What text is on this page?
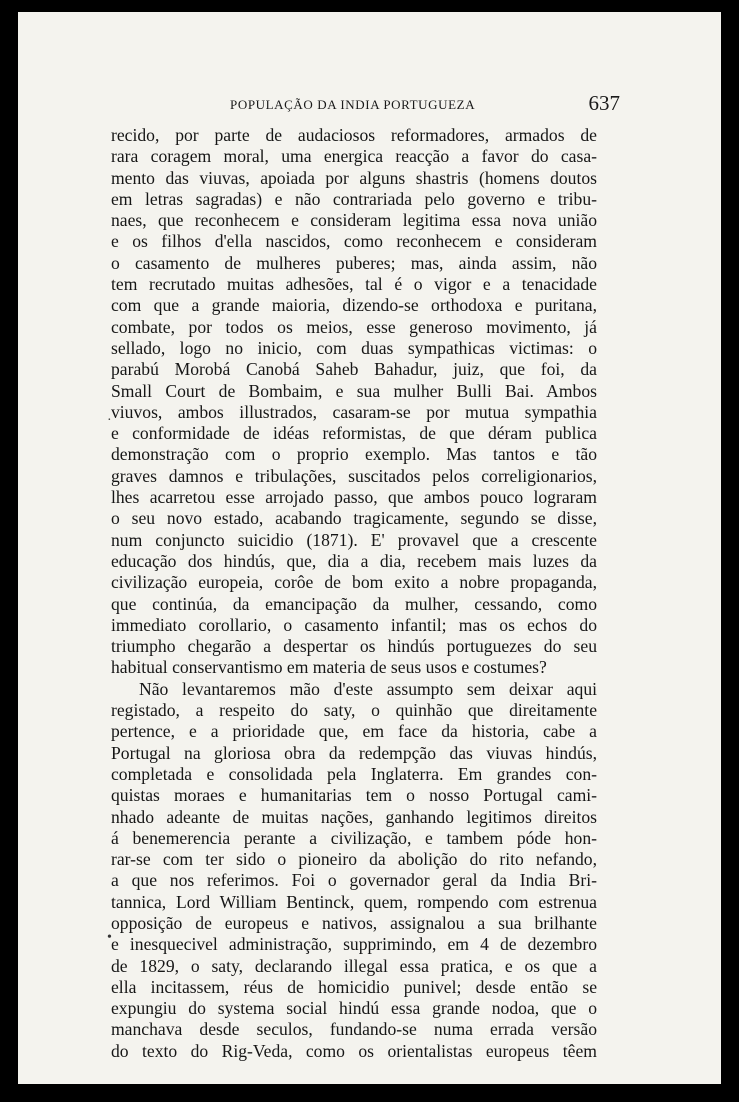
POPULAÇÃO DA INDIA PORTUGUEZA	637
recido, por parte de audaciosos reformadores, armados de
rara coragem moral, uma energica reacção a favor do casa-
mento das viuvas, apoiada por alguns shastris (homens doutos
em letras sagradas) e não contrariada pelo governo e tribu-
naes, que reconhecem e consideram legitima essa nova união
e os filhos d'ella nascidos, como reconhecem e consideram
o casamento de mulheres puberes; mas, ainda assim, não
tem recrutado muitas adhesões, tal é o vigor e a tenacidade
com que a grande maioria, dizendo-se orthodoxa e puritana,
combate, por todos os meios, esse generoso movimento, já
sellado, logo no inicio, com duas sympathicas victimas: o
parabú Morobá Canobá Saheb Bahadur, juiz, que foi, da
Small Court de Bombaim, e sua mulher Bulli Bai. Ambos
viuvos, ambos illustrados, casaram-se por mutua sympathia
e conformidade de idéas reformistas, de que déram publica
demonstração com o proprio exemplo. Mas tantos e tão
graves damnos e tribulações, suscitados pelos correligionarios,
lhes acarretou esse arrojado passo, que ambos pouco lograram
o seu novo estado, acabando tragicamente, segundo se disse,
num conjuncto suicidio (1871). E' provavel que a crescente
educação dos hindús, que, dia a dia, recebem mais luzes da
civilização europeia, corôe de bom exito a nobre propaganda,
que continúa, da emancipação da mulher, cessando, como
immediato corollario, o casamento infantil; mas os echos do
triumpho chegarão a despertar os hindús portuguezes do seu
habitual conservantismo em materia de seus usos e costumes?
Não levantaremos mão d'este assumpto sem deixar aqui
registado, a respeito do saty, o quinhão que direitamente
pertence, e a prioridade que, em face da historia, cabe a
Portugal na gloriosa obra da redempção das viuvas hindús,
completada e consolidada pela Inglaterra. Em grandes con-
quistas moraes e humanitarias tem o nosso Portugal cami-
nhado adeante de muitas nações, ganhando legitimos direitos
á benemerencia perante a civilização, e tambem póde hon-
rar-se com ter sido o pioneiro da abolição do rito nefando,
a que nos referimos. Foi o governador geral da India Bri-
tannica, Lord William Bentinck, quem, rompendo com estrenua
opposição de europeus e nativos, assignalou a sua brilhante
e inesquecivel administração, supprimindo, em 4 de dezembro
de 1829, o saty, declarando illegal essa pratica, e os que a
ella incitassem, réus de homicidio punivel; desde então se
expungiu do systema social hindú essa grande nodoa, que o
manchava desde seculos, fundando-se numa errada versão
do texto do Rig-Veda, como os orientalistas europeus têem
·
•
